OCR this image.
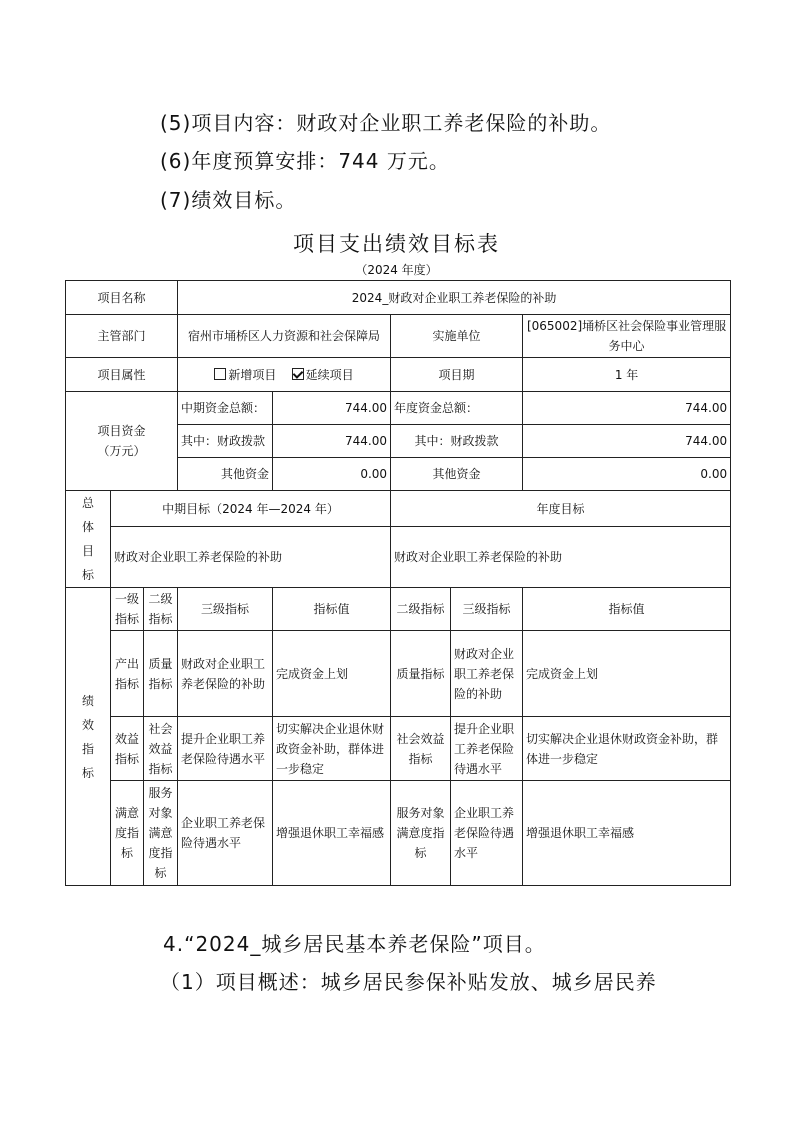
(5)项目内容：财政对企业职工养老保险的补助。
(6)年度预算安排：744 万元。
(7)绩效目标。
项目支出绩效目标表
（2024 年度）
项目名称			2024_财政对企业职工养老保险的补助				
主管部门			宿州市埇桥区人力资源和社会保障局		实施单位		[065002]埇桥区社会保险事业管理服务中心
项目属性			新增项目 延续项目		项目期		1 年
项目资金（万元）			中期资金总额：	744.00	年度资金总额：		744.00
			其中：财政拨款	744.00	其中：财政拨款		744.00
			其他资金	0.00	其他资金		0.00
总体目标	中期目标（2024 年—2024 年）				年度目标		
	财政对企业职工养老保险的补助				财政对企业职工养老保险的补助		
绩效指标	一级指标	二级指标	三级指标	指标值	二级指标	三级指标	指标值
	产出指标	质量指标	财政对企业职工养老保险的补助	完成资金上划	质量指标	财政对企业职工养老保险的补助	完成资金上划
	效益指标	社会效益指标	提升企业职工养老保险待遇水平	切实解决企业退休财政资金补助，群体进一步稳定	社会效益指标	提升企业职工养老保险待遇水平	切实解决企业退休财政资金补助，群体进一步稳定
	满意度指标	服务对象满意度指标	企业职工养老保险待遇水平	增强退休职工幸福感	服务对象满意度指标	企业职工养老保险待遇水平	增强退休职工幸福感
4.“2024_城乡居民基本养老保险”项目。
（1）项目概述：城乡居民参保补贴发放、城乡居民养
